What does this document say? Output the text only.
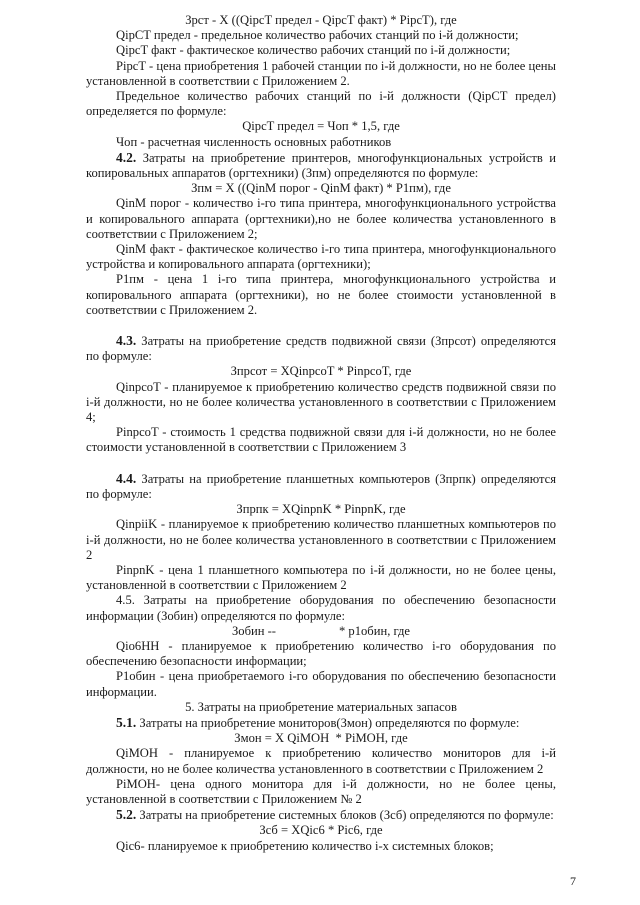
Зрст - Х ((QipcT предел - QipcТ факт) * PipcТ), где

QipCT предел - предельное количество рабочих станций по i-й должности;

QipcT факт - фактическое количество рабочих станций по i-й должности;

PipcT - цена приобретения 1 рабочей станции по i-й должности, но не более цены установленной в соответствии с Приложением 2.

Предельное количество рабочих станций по i-й должности (QipCT предел) определяется по формуле:

QipcT предел = Чоп * 1,5, где

Чоп - расчетная численность основных работников

4.2. Затраты на приобретение принтеров, многофункциональных устройств и копировальных аппаратов (оргтехники) (Зпм) определяются по формуле:

Зпм = X ((QinM порог - QinM факт) * P1пм), где

QinM порог - количество i-го типа принтера, многофункционального устройства и копировального аппарата (оргтехники),но не более количества установленного в соответствии с Приложением 2;

QinM факт - фактическое количество i-го типа принтера, многофункционального устройства и копировального аппарата (оргтехники);

Р1пм - цена 1 i-го типа принтера, многофункционального устройства и копировального аппарата (оргтехники), но не более стоимости установленной в соответствии с Приложением 2.

4.3. Затраты на приобретение средств подвижной связи (Зпрсот) определяются по формуле:

Зпрсот = XQinpcoT * PinpcoT, где

QinpcoT - планируемое к приобретению количество средств подвижной связи по i-й должности, но не более количества установленного в соответствии с Приложением 4;

PinpcoT - стоимость 1 средства подвижной связи для i-й должности, но не более стоимости установленной в соответствии с Приложением 3

4.4. Затраты на приобретение планшетных компьютеров (Зпрпк) определяются по формуле:

Зпрпк = XQinpnK * PinpnK, где

QinpiiK - планируемое к приобретению количество планшетных компьютеров по i-й должности, но не более количества установленного в соответствии с Приложением 2

PinpnK - цена 1 планшетного компьютера по i-й должности, но не более цены, установленной в соответствии с Приложением 2

4.5. Затраты на приобретение оборудования по обеспечению безопасности информации (Зобин) определяются по формуле:

Зобин --                    * р1обин, где

Qio6HH - планируемое к приобретению количество i-го оборудования по обеспечению безопасности информации;

Р1обин - цена приобретаемого i-го оборудования по обеспечению безопасности информации.

5. Затраты на приобретение материальных запасов

5.1. Затраты на приобретение мониторов(Змон) определяются по формуле:

Змон = X QiMOH  * PiMOH, где

QiMOH - планируемое к приобретению количество мониторов для i-й должности, но не более количества установленного в соответствии с Приложением 2

PiMOH- цена одного монитора для i-й должности, но не более цены, установленной в соответствии с Приложением № 2

5.2. Затраты на приобретение системных блоков (Зсб) определяются по формуле:

Зсб = XQic6 * Pic6, где

Qic6- планируемое к приобретению количество i-х системных блоков;

7
